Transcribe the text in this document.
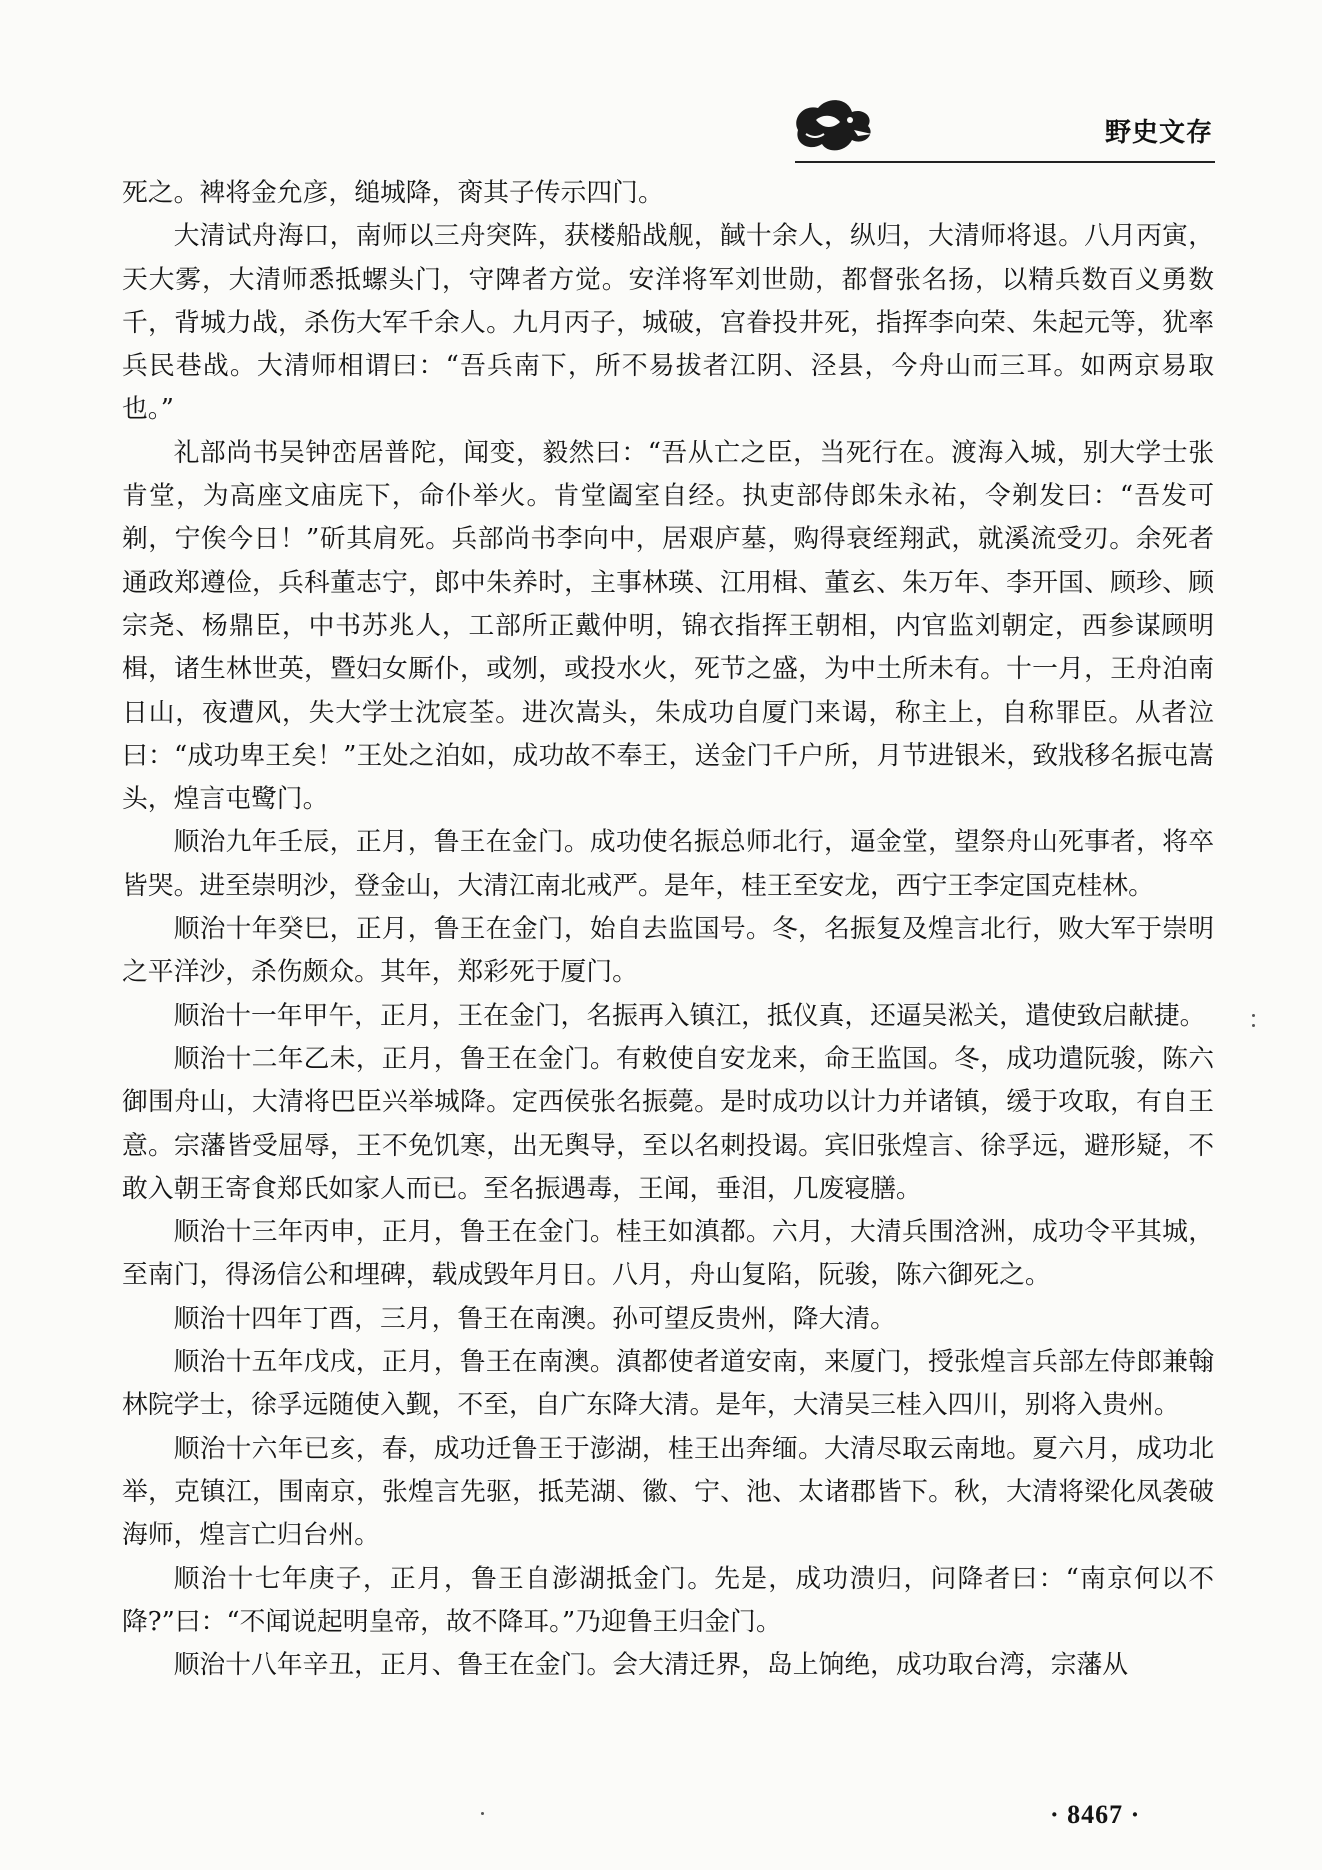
野史文存

死之。裨将金允彦，缒城降，脔其子传示四门。

大清试舟海口，南师以三舟突阵，获楼船战舰，馘十余人，纵归，大清师将退。八月丙寅，天大雾，大清师悉抵螺头门，守陴者方觉。安洋将军刘世勋，都督张名扬，以精兵数百义勇数千，背城力战，杀伤大军千余人。九月丙子，城破，宫眷投井死，指挥李向荣、朱起元等，犹率兵民巷战。大清师相谓曰：“吾兵南下，所不易拔者江阴、泾县，今舟山而三耳。如两京易取也。”

礼部尚书吴钟峦居普陀，闻变，毅然曰：“吾从亡之臣，当死行在。渡海入城，别大学士张肯堂，为高座文庙庑下，命仆举火。肯堂阖室自经。执吏部侍郎朱永祐，令剃发曰：“吾发可剃，宁俟今日！”斫其肩死。兵部尚书李向中，居艰庐墓，购得衰绖翔武，就溪流受刃。余死者通政郑遵俭，兵科董志宁，郎中朱养时，主事林瑛、江用楫、董玄、朱万年、李开国、顾珍、顾宗尧、杨鼎臣，中书苏兆人，工部所正戴仲明，锦衣指挥王朝相，内官监刘朝定，西参谋顾明楫，诸生林世英，暨妇女厮仆，或刎，或投水火，死节之盛，为中土所未有。十一月，王舟泊南日山，夜遭风，失大学士沈宸荃。进次嵩头，朱成功自厦门来谒，称主上，自称罪臣。从者泣曰：“成功卑王矣！”王处之泊如，成功故不奉王，送金门千户所，月节进银米，致戕移名振屯嵩头，煌言屯鹭门。

顺治九年壬辰，正月，鲁王在金门。成功使名振总师北行，逼金堂，望祭舟山死事者，将卒皆哭。进至崇明沙，登金山，大清江南北戒严。是年，桂王至安龙，西宁王李定国克桂林。

顺治十年癸巳，正月，鲁王在金门，始自去监国号。冬，名振复及煌言北行，败大军于崇明之平洋沙，杀伤颇众。其年，郑彩死于厦门。

顺治十一年甲午，正月，王在金门，名振再入镇江，抵仪真，还逼吴淞关，遣使致启献捷。

顺治十二年乙未，正月，鲁王在金门。有敕使自安龙来，命王监国。冬，成功遣阮骏，陈六御围舟山，大清将巴臣兴举城降。定西侯张名振薨。是时成功以计力并诸镇，缓于攻取，有自王意。宗藩皆受屈辱，王不免饥寒，出无舆导，至以名刺投谒。宾旧张煌言、徐孚远，避形疑，不敢入朝王寄食郑氏如家人而已。至名振遇毒，王闻，垂泪，几废寝膳。

顺治十三年丙申，正月，鲁王在金门。桂王如滇都。六月，大清兵围浛洲，成功令平其城，至南门，得汤信公和埋碑，载成毁年月日。八月，舟山复陷，阮骏，陈六御死之。

顺治十四年丁酉，三月，鲁王在南澳。孙可望反贵州，降大清。

顺治十五年戊戌，正月，鲁王在南澳。滇都使者道安南，来厦门，授张煌言兵部左侍郎兼翰林院学士，徐孚远随使入觐，不至，自广东降大清。是年，大清吴三桂入四川，别将入贵州。

顺治十六年已亥，春，成功迁鲁王于澎湖，桂王出奔缅。大清尽取云南地。夏六月，成功北举，克镇江，围南京，张煌言先驱，抵芜湖、徽、宁、池、太诸郡皆下。秋，大清将梁化凤袭破海师，煌言亡归台州。

顺治十七年庚子，正月，鲁王自澎湖抵金门。先是，成功溃归，问降者曰：“南京何以不降?”曰：“不闻说起明皇帝，故不降耳。”乃迎鲁王归金门。

顺治十八年辛丑，正月、鲁王在金门。会大清迁界，岛上饷绝，成功取台湾，宗藩从

· 8467 ·
